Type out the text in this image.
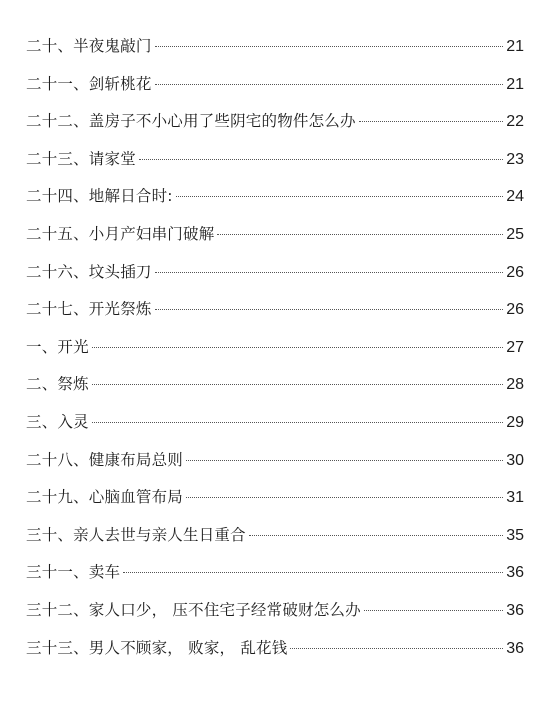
二十、半夜鬼敲门	21
二十一、剑斩桃花	21
二十二、盖房子不小心用了些阴宅的物件怎么办	22
二十三、请家堂	23
二十四、地解日合时:	24
二十五、小月产妇串门破解	25
二十六、坟头插刀	26
二十七、开光祭炼	26
一、开光	27
二、祭炼	28
三、入灵	29
二十八、健康布局总则	30
二十九、心脑血管布局	31
三十、亲人去世与亲人生日重合	35
三十一、卖车	36
三十二、家人口少， 压不住宅子经常破财怎么办	36
三十三、男人不顾家， 败家， 乱花钱	36
